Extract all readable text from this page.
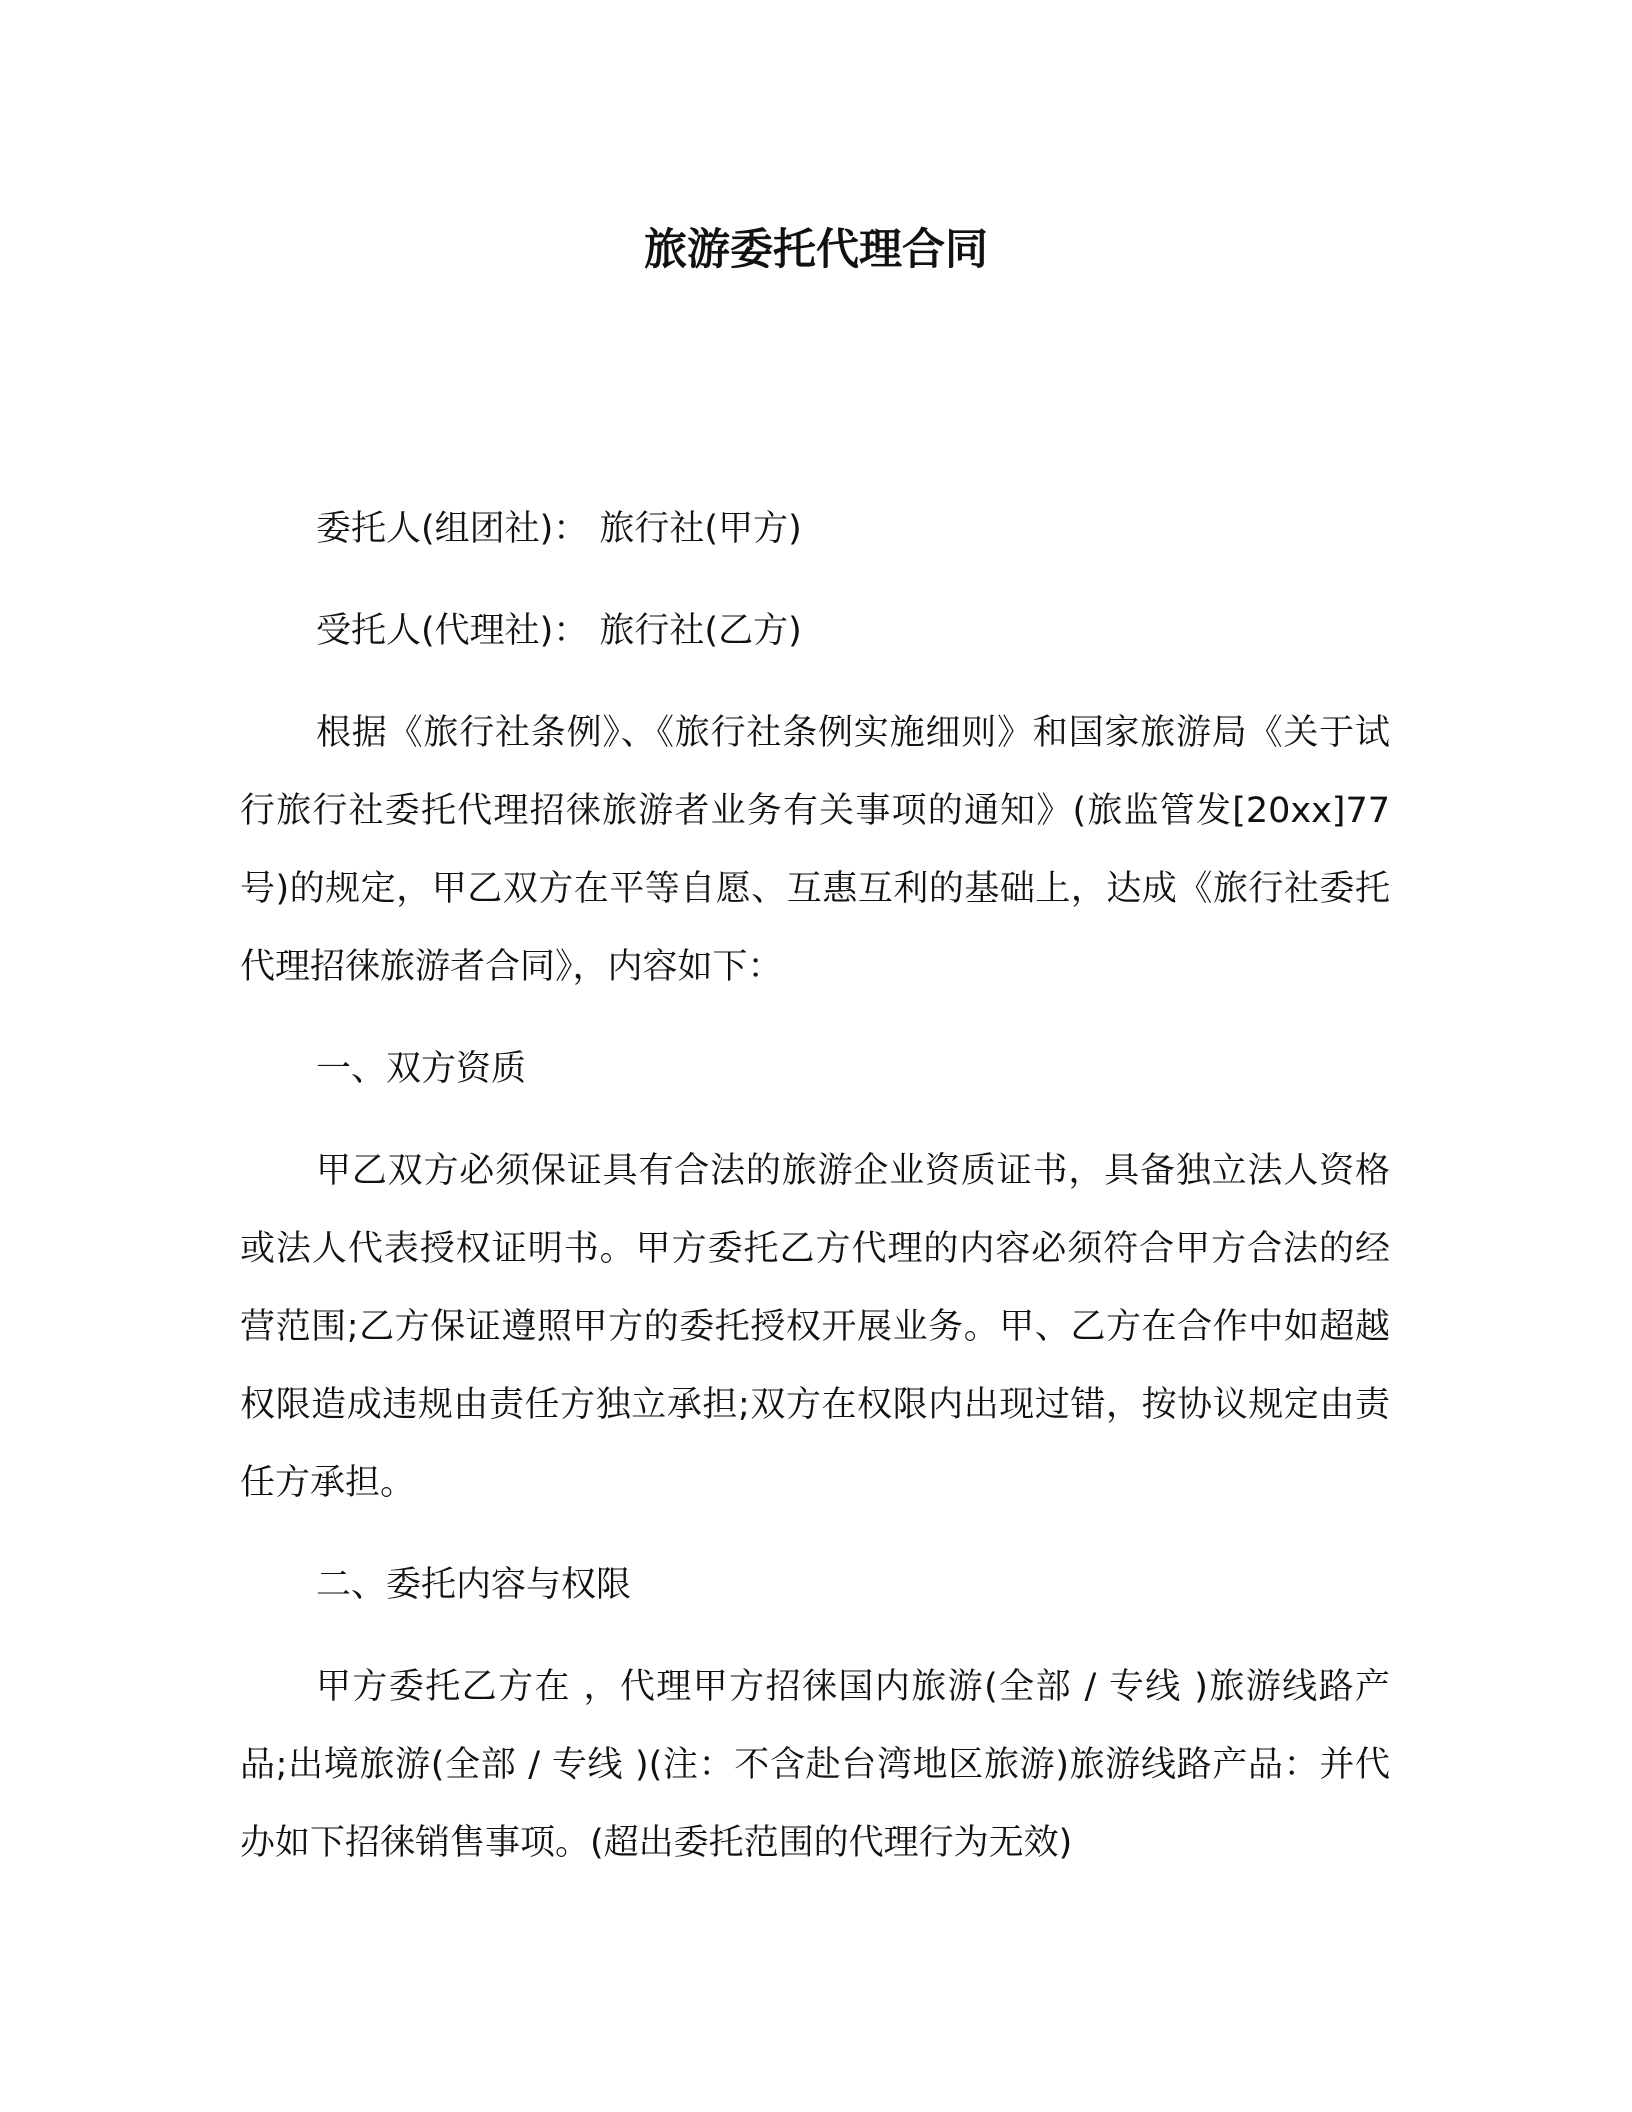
旅游委托代理合同

委托人(组团社)： 旅行社(甲方)

受托人(代理社)： 旅行社(乙方)

根据《旅行社条例》、《旅行社条例实施细则》和国家旅游局《关于试行旅行社委托代理招徕旅游者业务有关事项的通知》(旅监管发[20xx]77 号)的规定，甲乙双方在平等自愿、互惠互利的基础上，达成《旅行社委托代理招徕旅游者合同》，内容如下：

一、双方资质

甲乙双方必须保证具有合法的旅游企业资质证书，具备独立法人资格或法人代表授权证明书。甲方委托乙方代理的内容必须符合甲方合法的经营范围;乙方保证遵照甲方的委托授权开展业务。甲、乙方在合作中如超越权限造成违规由责任方独立承担;双方在权限内出现过错，按协议规定由责任方承担。

二、委托内容与权限

甲方委托乙方在 ，代理甲方招徕国内旅游(全部 / 专线 )旅游线路产品;出境旅游(全部 / 专线 )(注：不含赴台湾地区旅游)旅游线路产品：并代办如下招徕销售事项。(超出委托范围的代理行为无效)
